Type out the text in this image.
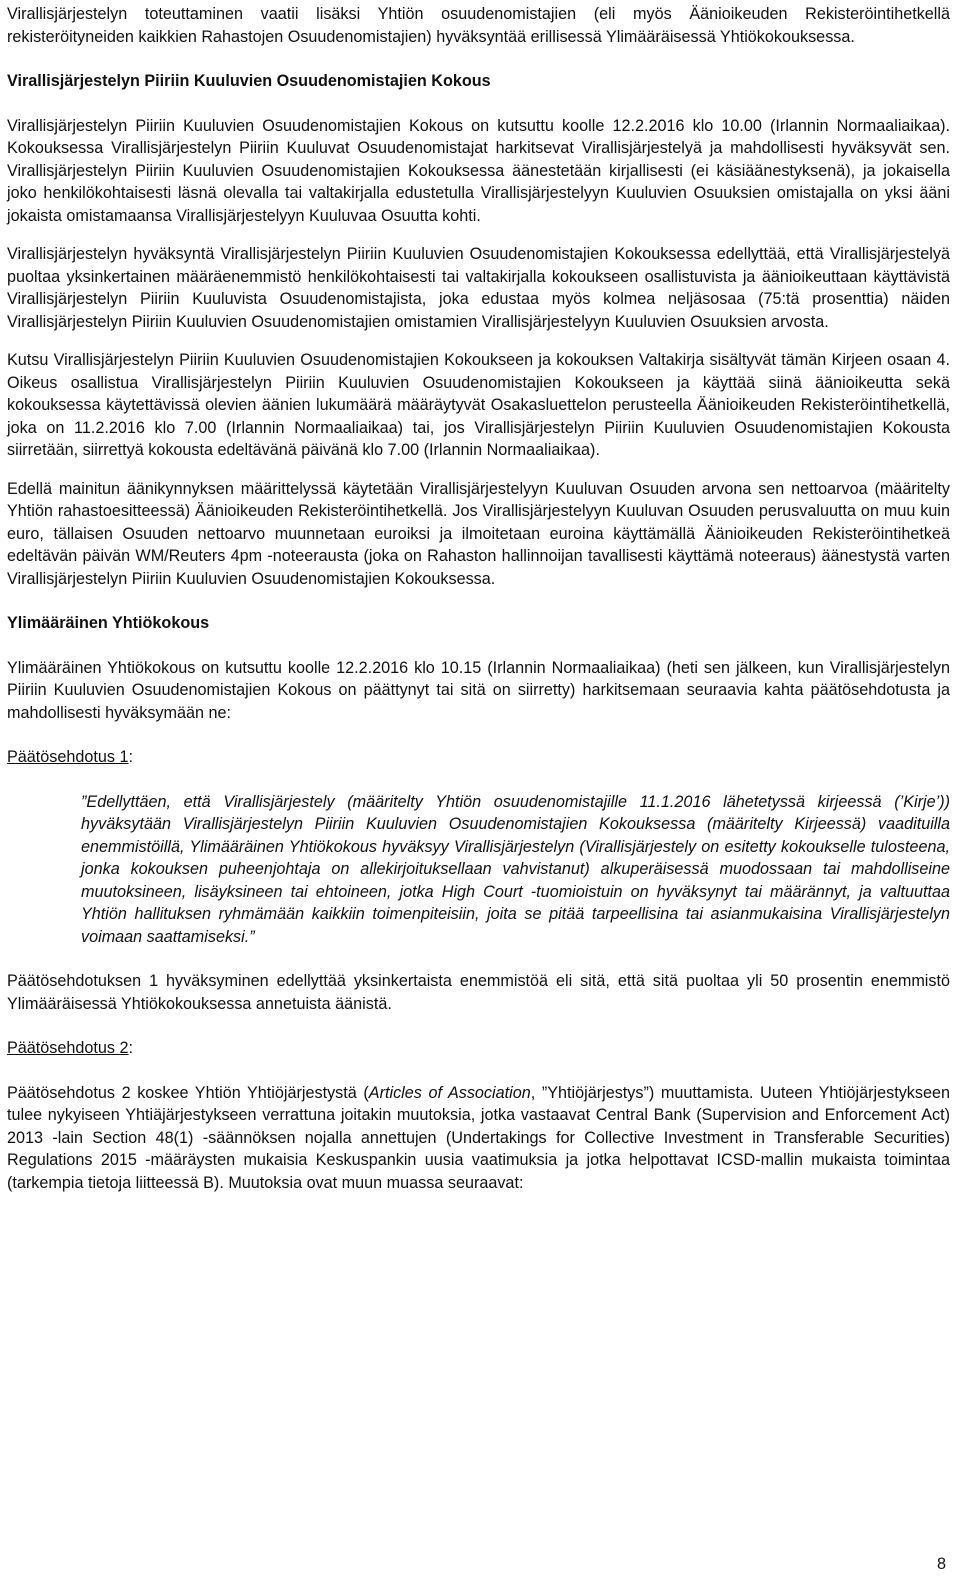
Virallisjärjestelyn toteuttaminen vaatii lisäksi Yhtiön osuudenomistajien (eli myös Äänioikeuden Rekisteröintihetkellä rekisteröityneiden kaikkien Rahastojen Osuudenomistajien) hyväksyntää erillisessä Ylimääräisessä Yhtiökokouksessa.

Virallisjärjestelyn Piiriin Kuuluvien Osuudenomistajien Kokous

Virallisjärjestelyn Piiriin Kuuluvien Osuudenomistajien Kokous on kutsuttu koolle 12.2.2016 klo 10.00 (Irlannin Normaaliaikaa). Kokouksessa Virallisjärjestelyn Piiriin Kuuluvat Osuudenomistajat harkitsevat Virallisjärjestelyä ja mahdollisesti hyväksyvät sen. Virallisjärjestelyn Piiriin Kuuluvien Osuudenomistajien Kokouksessa äänestetään kirjallisesti (ei käsiäänestyksenä), ja jokaisella joko henkilökohtaisesti läsnä olevalla tai valtakirjalla edustetulla Virallisjärjestelyyn Kuuluvien Osuuksien omistajalla on yksi ääni jokaista omistamaansa Virallisjärjestelyyn Kuuluvaa Osuutta kohti.

Virallisjärjestelyn hyväksyntä Virallisjärjestelyn Piiriin Kuuluvien Osuudenomistajien Kokouksessa edellyttää, että Virallisjärjestelyä puoltaa yksinkertainen määräenemmistö henkilökohtaisesti tai valtakirjalla kokoukseen osallistuvista ja äänioikeuttaan käyttävistä Virallisjärjestelyn Piiriin Kuuluvista Osuudenomistajista, joka edustaa myös kolmea neljäsosaa (75:tä prosenttia) näiden Virallisjärjestelyn Piiriin Kuuluvien Osuudenomistajien omistamien Virallisjärjestelyyn Kuuluvien Osuuksien arvosta.

Kutsu Virallisjärjestelyn Piiriin Kuuluvien Osuudenomistajien Kokoukseen ja kokouksen Valtakirja sisältyvät tämän Kirjeen osaan 4. Oikeus osallistua Virallisjärjestelyn Piiriin Kuuluvien Osuudenomistajien Kokoukseen ja käyttää siinä äänioikeutta sekä kokouksessa käytettävissä olevien äänien lukumäärä määräytyvät Osakasluettelon perusteella Äänioikeuden Rekisteröintihetkellä, joka on 11.2.2016 klo 7.00 (Irlannin Normaaliaikaa) tai, jos Virallisjärjestelyn Piiriin Kuuluvien Osuudenomistajien Kokousta siirretään, siirrettyä kokousta edeltävänä päivänä klo 7.00 (Irlannin Normaaliaikaa).

Edellä mainitun äänikynnyksen määrittelyssä käytetään Virallisjärjestelyyn Kuuluvan Osuuden arvona sen nettoarvoa (määritelty Yhtiön rahastoesitteessä) Äänioikeuden Rekisteröintihetkellä. Jos Virallisjärjestelyyn Kuuluvan Osuuden perusvaluutta on muu kuin euro, tällaisen Osuuden nettoarvo muunnetaan euroiksi ja ilmoitetaan euroina käyttämällä Äänioikeuden Rekisteröintihetkeä edeltävän päivän WM/Reuters 4pm -noteerausta (joka on Rahaston hallinnoijan tavallisesti käyttämä noteeraus) äänestystä varten Virallisjärjestelyn Piiriin Kuuluvien Osuudenomistajien Kokouksessa.

Ylimääräinen Yhtiökokous

Ylimääräinen Yhtiökokous on kutsuttu koolle 12.2.2016 klo 10.15 (Irlannin Normaaliaikaa) (heti sen jälkeen, kun Virallisjärjestelyn Piiriin Kuuluvien Osuudenomistajien Kokous on päättynyt tai sitä on siirretty) harkitsemaan seuraavia kahta päätösehdotusta ja mahdollisesti hyväksymään ne:

Päätösehdotus 1:

”Edellyttäen, että Virallisjärjestely (määritelty Yhtiön osuudenomistajille 11.1.2016 lähetetyssä kirjeessä (’Kirje’)) hyväksytään Virallisjärjestelyn Piiriin Kuuluvien Osuudenomistajien Kokouksessa (määritelty Kirjeessä) vaadituilla enemmistöillä, Ylimääräinen Yhtiökokous hyväksyy Virallisjärjestelyn (Virallisjärjestely on esitetty kokoukselle tulosteena, jonka kokouksen puheenjohtaja on allekirjoituksellaan vahvistanut) alkuperäisessä muodossaan tai mahdolliseine muutoksineen, lisäyksineen tai ehtoineen, jotka High Court -tuomioistuin on hyväksynyt tai määrännyt, ja valtuuttaa Yhtiön hallituksen ryhmämään kaikkiin toimenpiteisiin, joita se pitää tarpeellisina tai asianmukaisina Virallisjärjestelyn voimaan saattamiseksi.”

Päätösehdotuksen 1 hyväksyminen edellyttää yksinkertaista enemmistöä eli sitä, että sitä puoltaa yli 50 prosentin enemmistö Ylimääräisessä Yhtiökokouksessa annetuista äänistä.

Päätösehdotus 2:

Päätösehdotus 2 koskee Yhtiön Yhtiöjärjestystä (Articles of Association, ”Yhtiöjärjestys”) muuttamista. Uuteen Yhtiöjärjestykseen tulee nykyiseen Yhtiäjärjestykseen verrattuna joitakin muutoksia, jotka vastaavat Central Bank (Supervision and Enforcement Act) 2013 -lain Section 48(1) -säännöksen nojalla annettujen (Undertakings for Collective Investment in Transferable Securities) Regulations 2015 -määräysten mukaisia Keskuspankin uusia vaatimuksia ja jotka helpottavat ICSD-mallin mukaista toimintaa (tarkempia tietoja liitteessä B). Muutoksia ovat muun muassa seuraavat:

8
